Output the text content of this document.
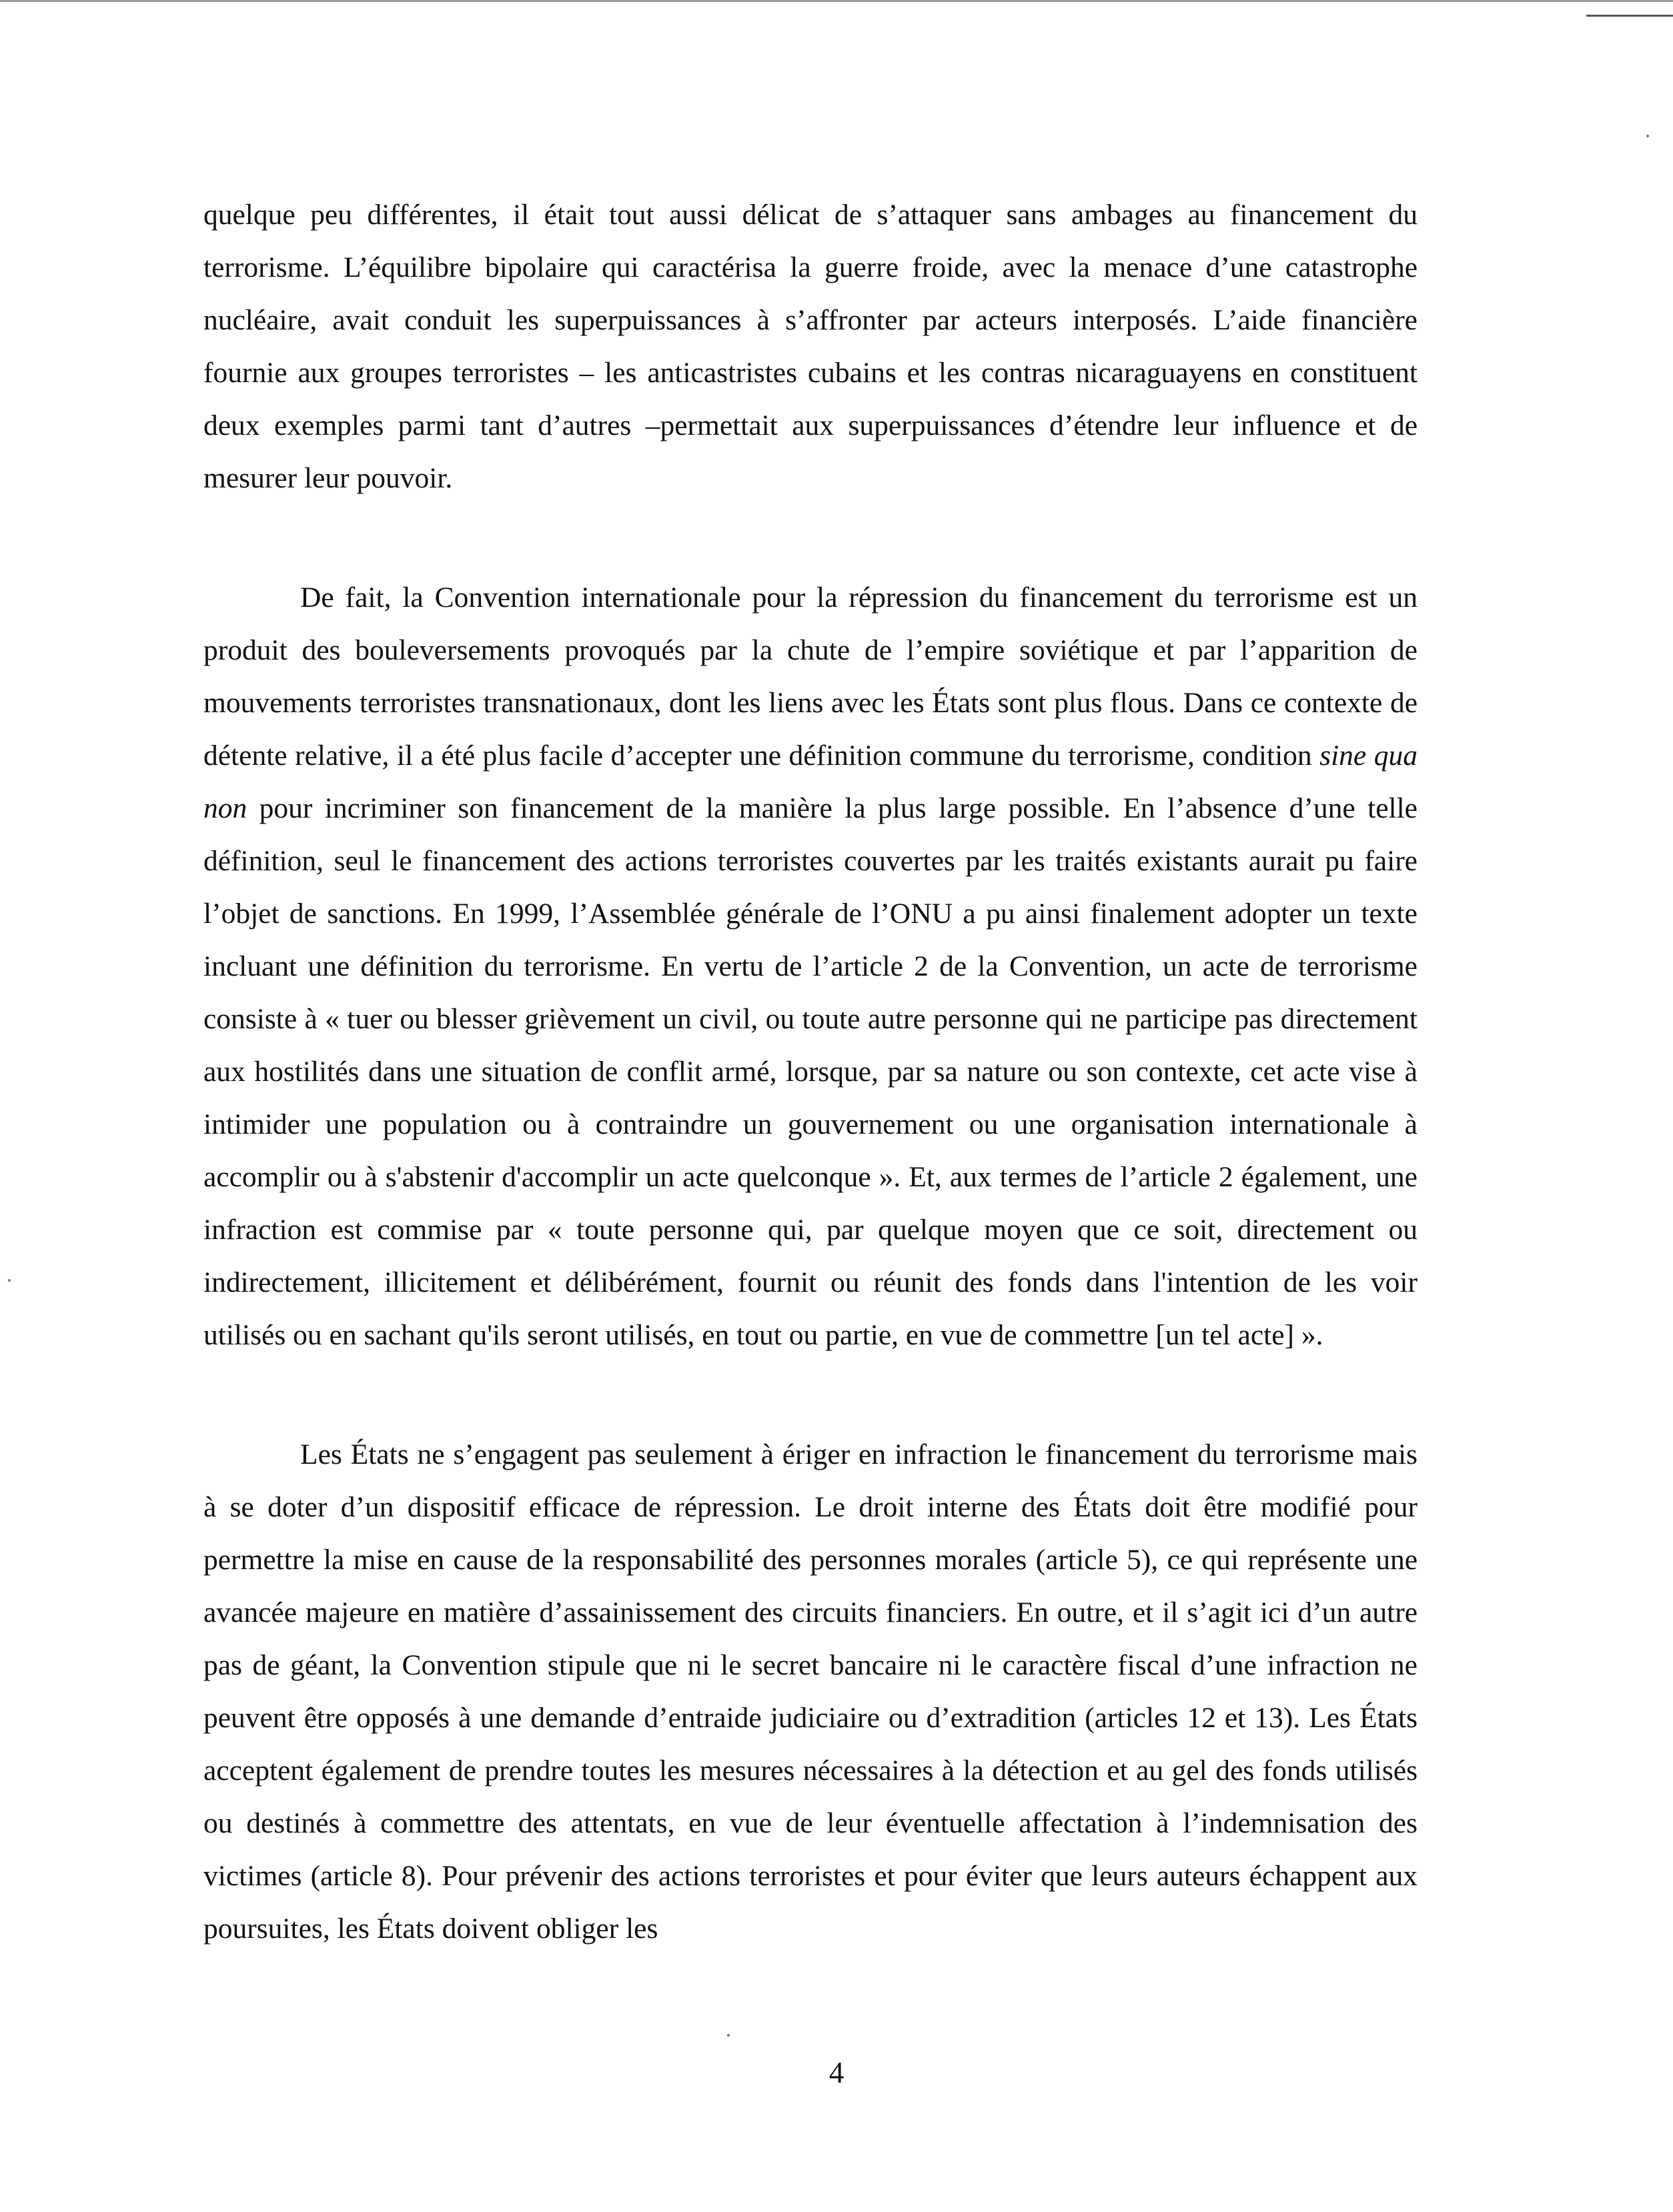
quelque peu différentes, il était tout aussi délicat de s’attaquer sans ambages au financement du terrorisme. L’équilibre bipolaire qui caractérisa la guerre froide, avec la menace d’une catastrophe nucléaire, avait conduit les superpuissances à s’affronter par acteurs interposés. L’aide financière fournie aux groupes terroristes – les anticastristes cubains et les contras nicaraguayens en constituent deux exemples parmi tant d’autres –permettait aux superpuissances d’étendre leur influence et de mesurer leur pouvoir.

De fait, la Convention internationale pour la répression du financement du terrorisme est un produit des bouleversements provoqués par la chute de l’empire soviétique et par l’apparition de mouvements terroristes transnationaux, dont les liens avec les États sont plus flous. Dans ce contexte de détente relative, il a été plus facile d’accepter une définition commune du terrorisme, condition sine qua non pour incriminer son financement de la manière la plus large possible. En l’absence d’une telle définition, seul le financement des actions terroristes couvertes par les traités existants aurait pu faire l’objet de sanctions. En 1999, l’Assemblée générale de l’ONU a pu ainsi finalement adopter un texte incluant une définition du terrorisme. En vertu de l’article 2 de la Convention, un acte de terrorisme consiste à « tuer ou blesser grièvement un civil, ou toute autre personne qui ne participe pas directement aux hostilités dans une situation de conflit armé, lorsque, par sa nature ou son contexte, cet acte vise à intimider une population ou à contraindre un gouvernement ou une organisation internationale à accomplir ou à s'abstenir d'accomplir un acte quelconque ». Et, aux termes de l’article 2 également, une infraction est commise par « toute personne qui, par quelque moyen que ce soit, directement ou indirectement, illicitement et délibérément, fournit ou réunit des fonds dans l'intention de les voir utilisés ou en sachant qu'ils seront utilisés, en tout ou partie, en vue de commettre [un tel acte] ».

Les États ne s’engagent pas seulement à ériger en infraction le financement du terrorisme mais à se doter d’un dispositif efficace de répression. Le droit interne des États doit être modifié pour permettre la mise en cause de la responsabilité des personnes morales (article 5), ce qui représente une avancée majeure en matière d’assainissement des circuits financiers. En outre, et il s’agit ici d’un autre pas de géant, la Convention stipule que ni le secret bancaire ni le caractère fiscal d’une infraction ne peuvent être opposés à une demande d’entraide judiciaire ou d’extradition (articles 12 et 13). Les États acceptent également de prendre toutes les mesures nécessaires à la détection et au gel des fonds utilisés ou destinés à commettre des attentats, en vue de leur éventuelle affectation à l’indemnisation des victimes (article 8). Pour prévenir des actions terroristes et pour éviter que leurs auteurs échappent aux poursuites, les États doivent obliger les

4
